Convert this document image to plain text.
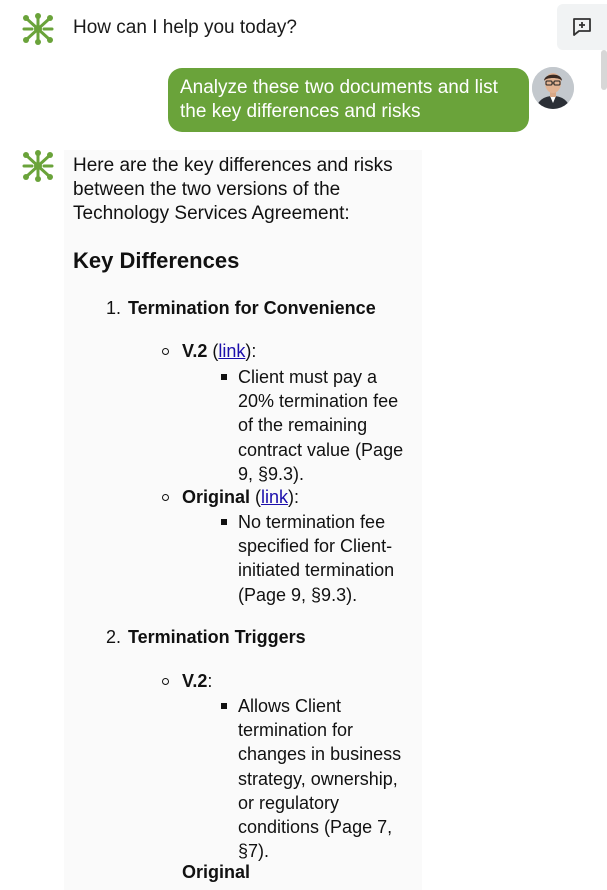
How can I help you today?
Analyze these two documents and list the key differences and risks
Here are the key differences and risks between the two versions of the Technology Services Agreement:
Key Differences
1. Termination for Convenience
V.2 (link):
Client must pay a 20% termination fee of the remaining contract value (Page 9, §9.3).
Original (link):
No termination fee specified for Client-initiated termination (Page 9, §9.3).
2. Termination Triggers
V.2:
Allows Client termination for changes in business strategy, ownership, or regulatory conditions (Page 7, §7).
Original
